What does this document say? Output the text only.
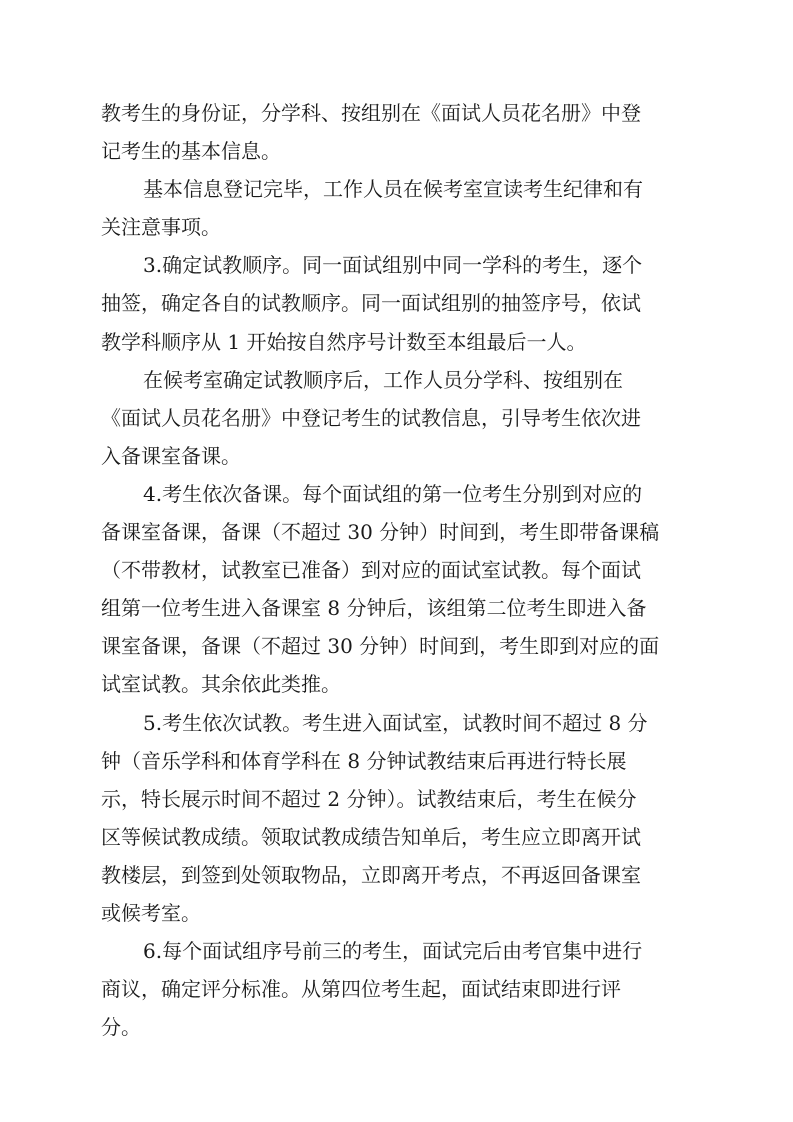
教考生的身份证，分学科、按组别在《面试人员花名册》中登
记考生的基本信息。
基本信息登记完毕，工作人员在候考室宣读考生纪律和有
关注意事项。
3.确定试教顺序。同一面试组别中同一学科的考生，逐个
抽签，确定各自的试教顺序。同一面试组别的抽签序号，依试
教学科顺序从 1 开始按自然序号计数至本组最后一人。
在候考室确定试教顺序后，工作人员分学科、按组别在
《面试人员花名册》中登记考生的试教信息，引导考生依次进
入备课室备课。
4.考生依次备课。每个面试组的第一位考生分别到对应的
备课室备课，备课（不超过 30 分钟）时间到，考生即带备课稿
（不带教材，试教室已准备）到对应的面试室试教。每个面试
组第一位考生进入备课室 8 分钟后，该组第二位考生即进入备
课室备课，备课（不超过 30 分钟）时间到，考生即到对应的面
试室试教。其余依此类推。
5.考生依次试教。考生进入面试室，试教时间不超过 8 分
钟（音乐学科和体育学科在 8 分钟试教结束后再进行特长展
示，特长展示时间不超过 2 分钟）。试教结束后，考生在候分
区等候试教成绩。领取试教成绩告知单后，考生应立即离开试
教楼层，到签到处领取物品，立即离开考点，不再返回备课室
或候考室。
6.每个面试组序号前三的考生，面试完后由考官集中进行
商议，确定评分标准。从第四位考生起，面试结束即进行评
分。
